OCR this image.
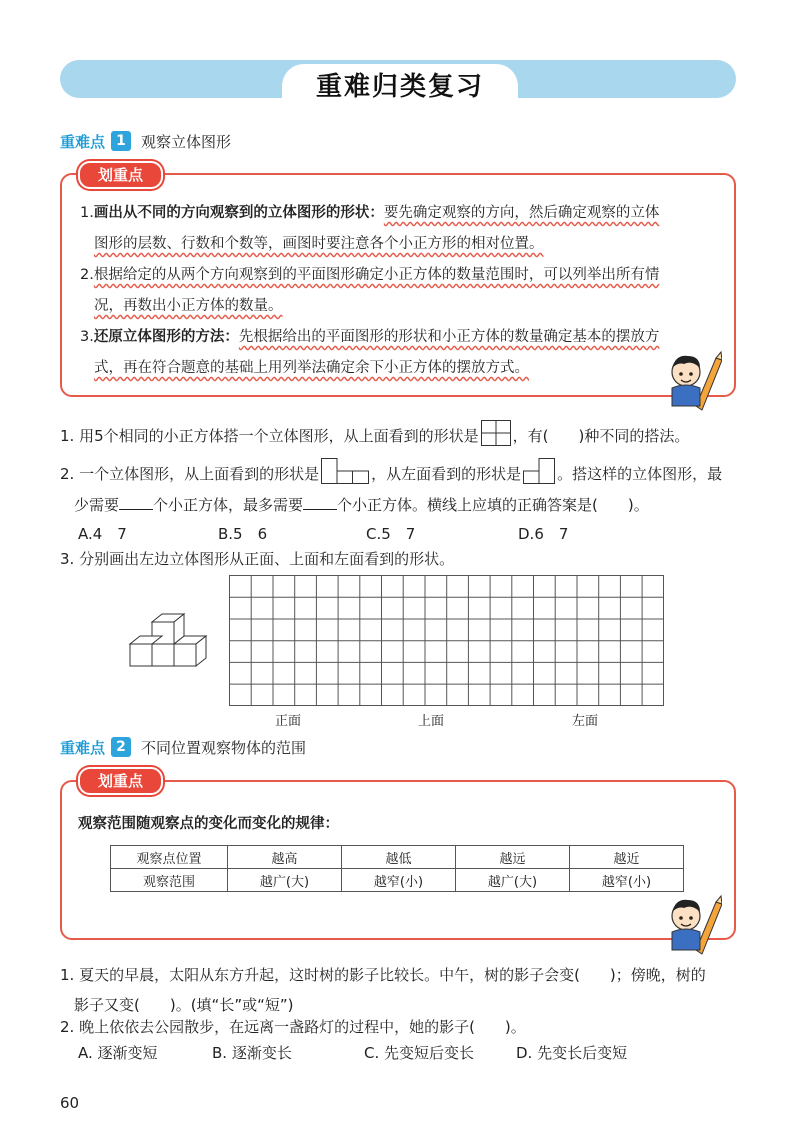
重难归类复习
重难点 1	观察立体图形
划重点
1.画出从不同的方向观察到的立体图形的形状：要先确定观察的方向，然后确定观察的立体
图形的层数、行数和个数等，画图时要注意各个小正方形的相对位置。
2.根据给定的从两个方向观察到的平面图形确定小正方体的数量范围时，可以列举出所有情
况，再数出小正方体的数量。
3.还原立体图形的方法：先根据给出的平面图形的形状和小正方体的数量确定基本的摆放方
式，再在符合题意的基础上用列举法确定余下小正方体的摆放方式。
1. 用5个相同的小正方体搭一个立体图形，从上面看到的形状是 ，有(　　)种不同的搭法。
2. 一个立体图形，从上面看到的形状是	，从左面看到的形状是 。搭这样的立体图形，最
少需要 个小正方体，最多需要 个小正方体。横线上应填的正确答案是(　　)。
A.4　7	B.5　6	C.5　7	D.6　7
3. 分别画出左边立体图形从正面、上面和左面看到的形状。
正面	上面	左面
重难点 2	不同位置观察物体的范围
划重点
观察范围随观察点的变化而变化的规律：
观察点位置	越高	越低	越远	越近
观察范围	越广(大)	越窄(小)	越广(大)	越窄(小)
1. 夏天的早晨，太阳从东方升起，这时树的影子比较长。中午，树的影子会变(　　)；傍晚，树的
影子又变(　　)。(填“长”或“短”)
2. 晚上依依去公园散步，在远离一盏路灯的过程中，她的影子(　　)。
A. 逐渐变短	B. 逐渐变长	C. 先变短后变长	D. 先变长后变短
60
